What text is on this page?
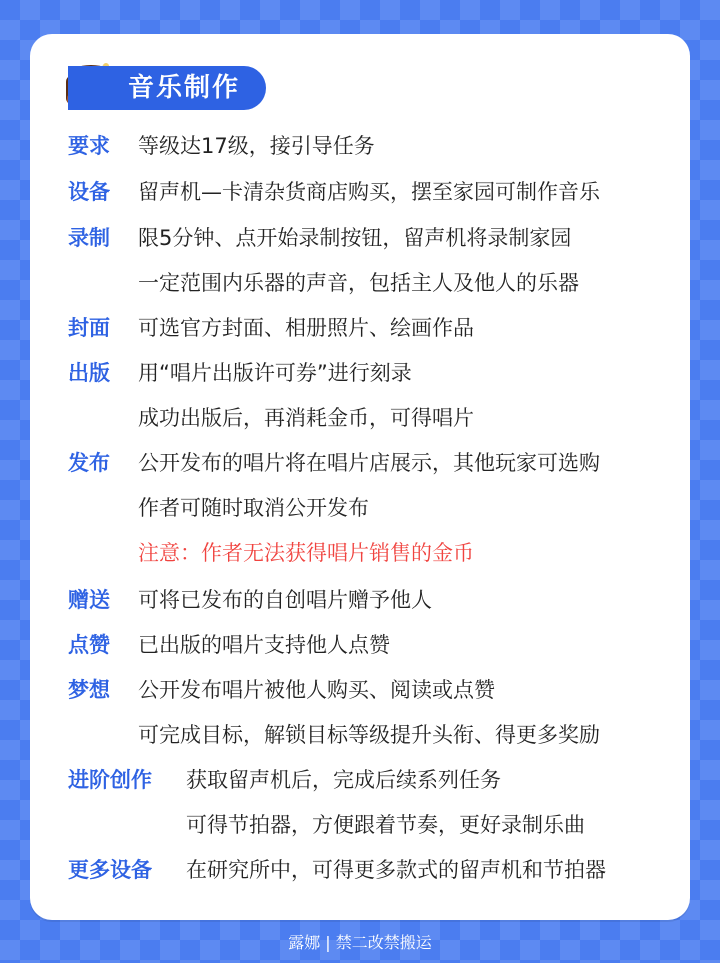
音乐制作
要求 等级达17级，接引导任务
设备 留声机—卡清杂货商店购买，摆至家园可制作音乐
录制 限5分钟、点开始录制按钮，留声机将录制家园
一定范围内乐器的声音，包括主人及他人的乐器
封面 可选官方封面、相册照片、绘画作品
出版 用“唱片出版许可券”进行刻录
成功出版后，再消耗金币，可得唱片
发布 公开发布的唱片将在唱片店展示，其他玩家可选购
作者可随时取消公开发布
注意：作者无法获得唱片销售的金币
赠送 可将已发布的自创唱片赠予他人
点赞 已出版的唱片支持他人点赞
梦想 公开发布唱片被他人购买、阅读或点赞
可完成目标，解锁目标等级提升头衔、得更多奖励
进阶创作 获取留声机后，完成后续系列任务
可得节拍器，方便跟着节奏，更好录制乐曲
更多设备 在研究所中，可得更多款式的留声机和节拍器
露娜 | 禁二改禁搬运
